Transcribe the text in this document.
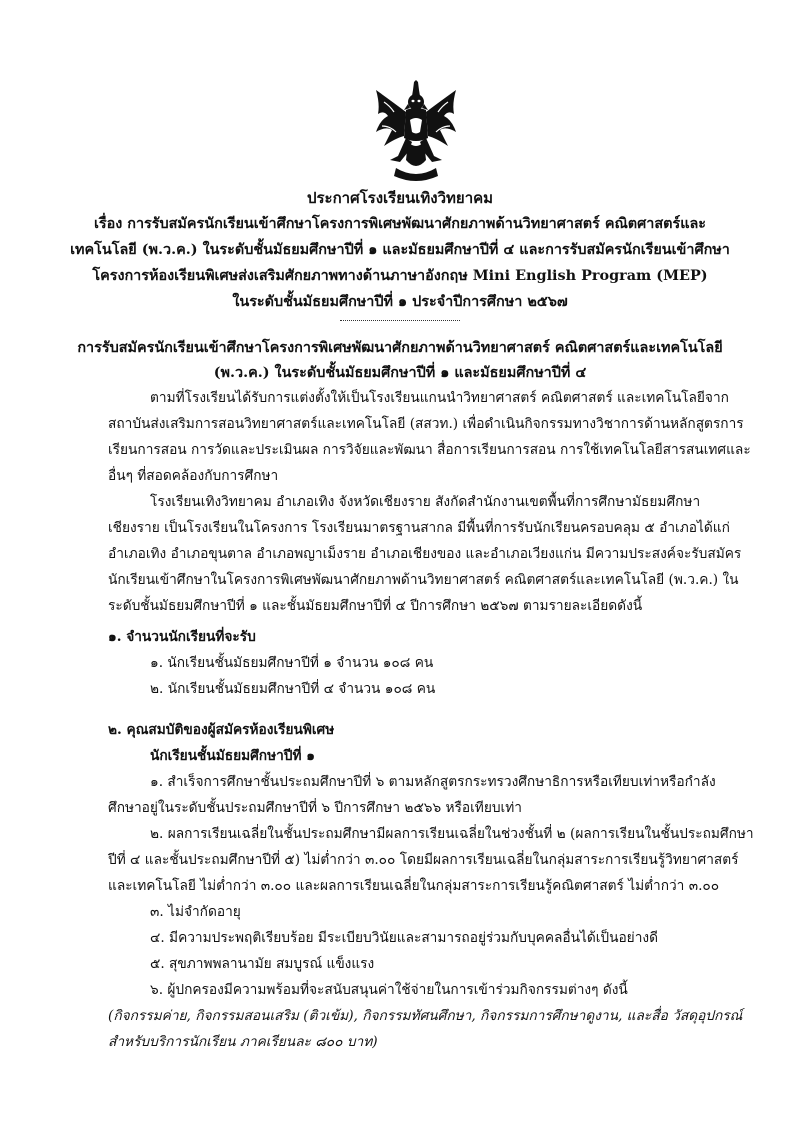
ประกาศโรงเรียนเทิงวิทยาคม
เรื่อง การรับสมัครนักเรียนเข้าศึกษาโครงการพิเศษพัฒนาศักยภาพด้านวิทยาศาสตร์ คณิตศาสตร์และ
เทคโนโลยี (พ.ว.ค.) ในระดับชั้นมัธยมศึกษาปีที่ ๑ และมัธยมศึกษาปีที่ ๔ และการรับสมัครนักเรียนเข้าศึกษา
โครงการห้องเรียนพิเศษส่งเสริมศักยภาพทางด้านภาษาอังกฤษ Mini English Program (MEP)
ในระดับชั้นมัธยมศึกษาปีที่ ๑ ประจำปีการศึกษา ๒๕๖๗
การรับสมัครนักเรียนเข้าศึกษาโครงการพิเศษพัฒนาศักยภาพด้านวิทยาศาสตร์ คณิตศาสตร์และเทคโนโลยี
(พ.ว.ค.) ในระดับชั้นมัธยมศึกษาปีที่ ๑ และมัธยมศึกษาปีที่ ๔
ตามที่โรงเรียนได้รับการแต่งตั้งให้เป็นโรงเรียนแกนนำวิทยาศาสตร์ คณิตศาสตร์ และเทคโนโลยีจาก
สถาบันส่งเสริมการสอนวิทยาศาสตร์และเทคโนโลยี (สสวท.) เพื่อดำเนินกิจกรรมทางวิชาการด้านหลักสูตรการ
เรียนการสอน การวัดและประเมินผล การวิจัยและพัฒนา สื่อการเรียนการสอน การใช้เทคโนโลยีสารสนเทศและ
อื่นๆ ที่สอดคล้องกับการศึกษา
โรงเรียนเทิงวิทยาคม อำเภอเทิง จังหวัดเชียงราย สังกัดสำนักงานเขตพื้นที่การศึกษามัธยมศึกษา
เชียงราย เป็นโรงเรียนในโครงการ โรงเรียนมาตรฐานสากล มีพื้นที่การรับนักเรียนครอบคลุม ๕ อำเภอได้แก่
อำเภอเทิง อำเภอขุนตาล อำเภอพญาเม็งราย อำเภอเชียงของ และอำเภอเวียงแก่น มีความประสงค์จะรับสมัคร
นักเรียนเข้าศึกษาในโครงการพิเศษพัฒนาศักยภาพด้านวิทยาศาสตร์ คณิตศาสตร์และเทคโนโลยี (พ.ว.ค.) ใน
ระดับชั้นมัธยมศึกษาปีที่ ๑ และชั้นมัธยมศึกษาปีที่ ๔ ปีการศึกษา ๒๕๖๗ ตามรายละเอียดดังนี้
๑. จำนวนนักเรียนที่จะรับ
๑. นักเรียนชั้นมัธยมศึกษาปีที่ ๑ จำนวน ๑๐๘ คน
๒. นักเรียนชั้นมัธยมศึกษาปีที่ ๔ จำนวน ๑๐๘ คน
๒. คุณสมบัติของผู้สมัครห้องเรียนพิเศษ
นักเรียนชั้นมัธยมศึกษาปีที่ ๑
๑. สำเร็จการศึกษาชั้นประถมศึกษาปีที่ ๖ ตามหลักสูตรกระทรวงศึกษาธิการหรือเทียบเท่าหรือกำลัง
ศึกษาอยู่ในระดับชั้นประถมศึกษาปีที่ ๖ ปีการศึกษา ๒๕๖๖ หรือเทียบเท่า
๒. ผลการเรียนเฉลี่ยในชั้นประถมศึกษามีผลการเรียนเฉลี่ยในช่วงชั้นที่ ๒ (ผลการเรียนในชั้นประถมศึกษา
ปีที่ ๔ และชั้นประถมศึกษาปีที่ ๕) ไม่ต่ำกว่า ๓.๐๐ โดยมีผลการเรียนเฉลี่ยในกลุ่มสาระการเรียนรู้วิทยาศาสตร์
และเทคโนโลยี ไม่ต่ำกว่า ๓.๐๐ และผลการเรียนเฉลี่ยในกลุ่มสาระการเรียนรู้คณิตศาสตร์ ไม่ต่ำกว่า ๓.๐๐
๓. ไม่จำกัดอายุ
๔. มีความประพฤติเรียบร้อย มีระเบียบวินัยและสามารถอยู่ร่วมกับบุคคลอื่นได้เป็นอย่างดี
๕. สุขภาพพลานามัย สมบูรณ์ แข็งแรง
๖. ผู้ปกครองมีความพร้อมที่จะสนับสนุนค่าใช้จ่ายในการเข้าร่วมกิจกรรมต่างๆ ดังนี้
(กิจกรรมค่าย, กิจกรรมสอนเสริม (ติวเข้ม), กิจกรรมทัศนศึกษา, กิจกรรมการศึกษาดูงาน, และสื่อ วัสดุอุปกรณ์
สำหรับบริการนักเรียน ภาคเรียนละ ๘๐๐ บาท)
